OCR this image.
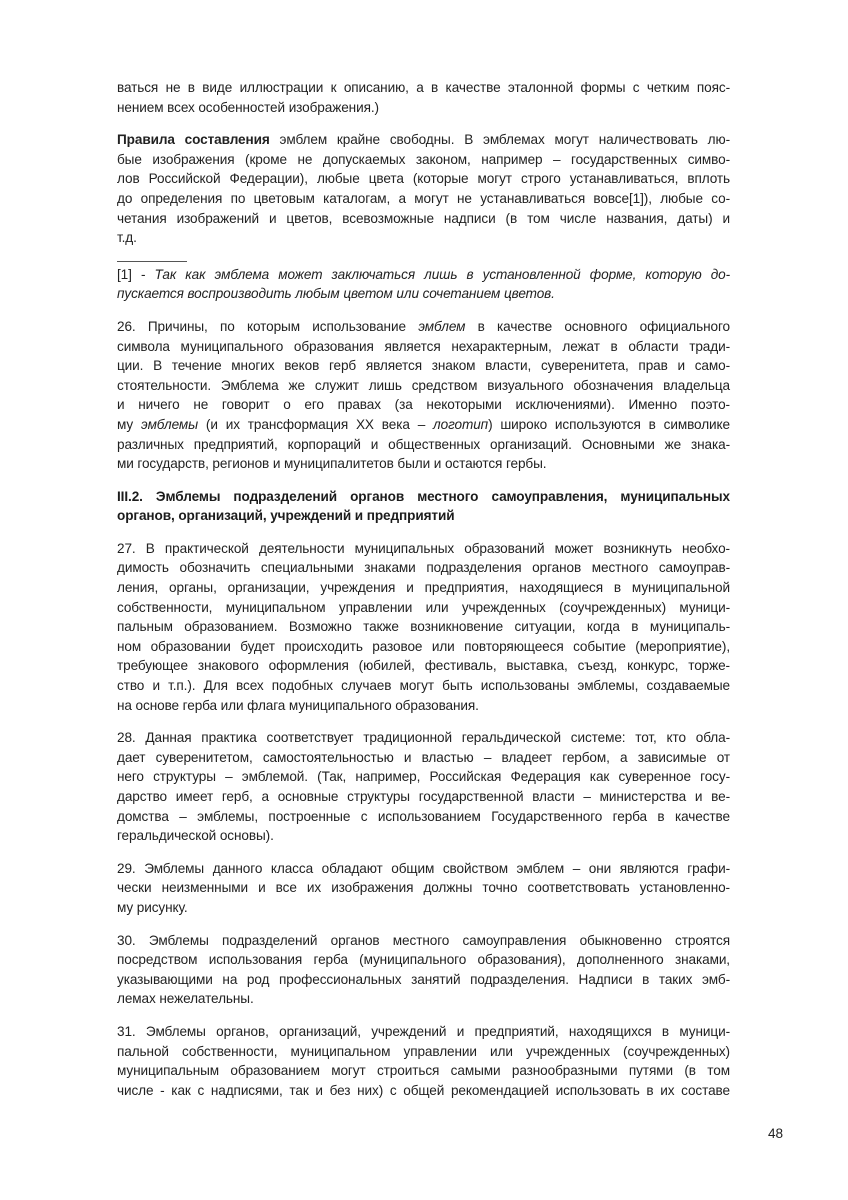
ваться не в виде иллюстрации к описанию, а в качестве эталонной формы с четким пояс-
нением всех особенностей изображения.)
Правила составления эмблем крайне свободны. В эмблемах могут наличествовать лю-
бые изображения (кроме не допускаемых законом, например – государственных симво-
лов Российской Федерации), любые цвета (которые могут строго устанавливаться, вплоть
до определения по цветовым каталогам, а могут не устанавливаться вовсе[1]), любые со-
четания изображений и цветов, всевозможные надписи (в том числе названия, даты) и
т.д.
[1] - Так как эмблема может заключаться лишь в установленной форме, которую до-
пускается воспроизводить любым цветом или сочетанием цветов.
26. Причины, по которым использование эмблем в качестве основного официального
символа муниципального образования является нехарактерным, лежат в области тради-
ции. В течение многих веков герб является знаком власти, суверенитета, прав и само-
стоятельности. Эмблема же служит лишь средством визуального обозначения владельца
и ничего не говорит о его правах (за некоторыми исключениями). Именно поэто-
му эмблемы (и их трансформация XX века – логотип) широко используются в символике
различных предприятий, корпораций и общественных организаций. Основными же знака-
ми государств, регионов и муниципалитетов были и остаются гербы.
III.2. Эмблемы подразделений органов местного самоуправления, муниципальных
органов, организаций, учреждений и предприятий
27. В практической деятельности муниципальных образований может возникнуть необхо-
димость обозначить специальными знаками подразделения органов местного самоуправ-
ления, органы, организации, учреждения и предприятия, находящиеся в муниципальной
собственности, муниципальном управлении или учрежденных (соучрежденных) муници-
пальным образованием. Возможно также возникновение ситуации, когда в муниципаль-
ном образовании будет происходить разовое или повторяющееся событие (мероприятие),
требующее знакового оформления (юбилей, фестиваль, выставка, съезд, конкурс, торже-
ство и т.п.). Для всех подобных случаев могут быть использованы эмблемы, создаваемые
на основе герба или флага муниципального образования.
28. Данная практика соответствует традиционной геральдической системе: тот, кто обла-
дает суверенитетом, самостоятельностью и властью – владеет гербом, а зависимые от
него структуры – эмблемой. (Так, например, Российская Федерация как суверенное госу-
дарство имеет герб, а основные структуры государственной власти – министерства и ве-
домства – эмблемы, построенные с использованием Государственного герба в качестве
геральдической основы).
29. Эмблемы данного класса обладают общим свойством эмблем – они являются графи-
чески неизменными и все их изображения должны точно соответствовать установленно-
му рисунку.
30. Эмблемы подразделений органов местного самоуправления обыкновенно строятся
посредством использования герба (муниципального образования), дополненного знаками,
указывающими на род профессиональных занятий подразделения. Надписи в таких эмб-
лемах нежелательны.
31. Эмблемы органов, организаций, учреждений и предприятий, находящихся в муници-
пальной собственности, муниципальном управлении или учрежденных (соучрежденных)
муниципальным образованием могут строиться самыми разнообразными путями (в том
числе - как с надписями, так и без них) с общей рекомендацией использовать в их составе
48
